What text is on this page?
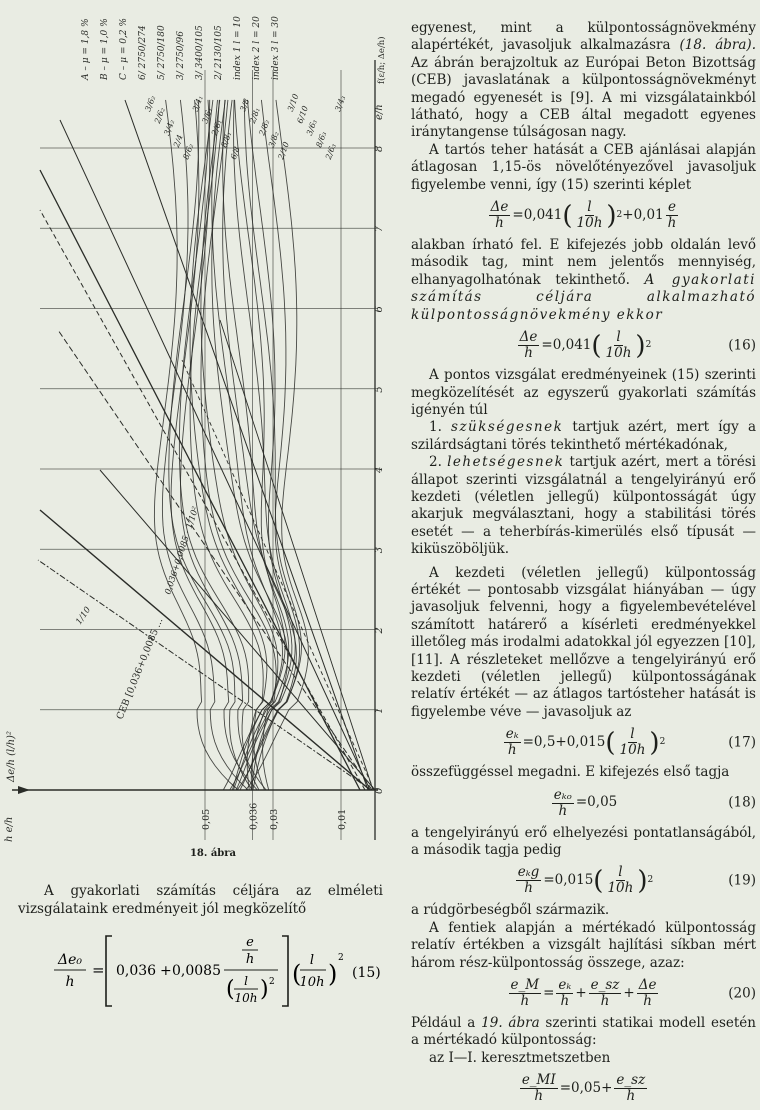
0
1
2
3
4
5
6
7
8
0,05	0,036 0,03	0,01
CEB [0,036+0,0085 ...
A – μ = 1,8 % B – μ = 1,0 % C – μ = 0,2 % 6/ 2750/274 5/ 2750/180 3/ 2750/96 3/ 3400/105 2/ 2130/105 index 1 l = 10 index 2 l = 20 index 3 l = 30	f(ε/h; Δe/h)
e/h
h e/h
Δe/h (l/h)²
3/6₂
2/6₂
3/4₂
2/4
8/6₂
3/4₁
3/6₁
2/6₁
8/8₁
6/8
3/8
2/8₁
2/8₂
3/8₂
2/10
3/10
6/10
3/6₃
8/6₃
2/6₃
3/4₃
1/10
0,036+0,0085 · 1/10²
18. ábra

A gyakorlati számítás céljára az elméleti vizsgálataink eredményeit jól megközelítő

Δe₀
h
= 0,036 + 0,0085
e
h
( l
10h ) 2 ( l
10h )
2
(15)

egyenest, mint a külpontosságnövekmény alapértékét, javasoljuk alkalmazásra (18. ábra). Az ábrán berajzoltuk az Európai Beton Bizottság (CEB) javaslatának a külpontosságnövekményt megadó egyenesét is [9]. A mi vizsgálatainkból látható, hogy a CEB által megadott egyenes iránytangense túlságosan nagy.

A tartós teher hatását a CEB ajánlásai alapján átlagosan 1,15-ös növelőtényezővel javasoljuk figyelembe venni, így (15) szerinti képlet

$\frac{\Delta e}{h} =0,041$ ( $\frac{l}{10h}$ ) $2 +0,01 \frac{e}{h}$

alakban írható fel. E kifejezés jobb oldalán levő második tag, mint nem jelentős mennyiség, elhanyagolhatónak tekinthető. A gyakorlati számítás céljára alkalmazható külpontosságnövekmény ekkor

$\frac{\Delta e}{h} =0,041$ ( $\frac{l}{10h}$ ) 2	(16)

A pontos vizsgálat eredményeinek (15) szerinti megközelítését az egyszerű gyakorlati számítás igényén túl

1. szükségesnek tartjuk azért, mert így a szilárdságtani törés tekinthető mértékadónak,

2. lehetségesnek tartjuk azért, mert a törési állapot szerinti vizsgálatnál a tengelyirányú erő kezdeti (véletlen jellegű) külpontosságát úgy akarjuk megválasztani, hogy a stabilitási törés esetét — a teherbírás-kimerülés első típusát — kiküszöböljük.

A kezdeti (véletlen jellegű) külpontosság értékét — pontosabb vizsgálat hiányában — úgy javasoljuk felvenni, hogy a figyelembevételével számított határerő a kísérleti eredményekkel illetőleg más irodalmi adatokkal jól egyezzen [10], [11]. A részleteket mellőzve a tengelyirányú erő kezdeti (véletlen jellegű) külpontosságának relatív értékét — az átlagos tartósteher hatását is figyelembe véve — javasoljuk az

$\frac{\text{eₖ}}{h} =0,5+0,015$ ( $\frac{l}{10h}$ ) 2	(17)

összefüggéssel megadni. E kifejezés első tagja

$\frac{\text{eₖₒ}}{h} =0,05$	(18)

a tengelyirányú erő elhelyezési pontatlanságából, a második tagja pedig

$\frac{\text{eₖg}}{h} =0,015$ ( $\frac{l}{10h}$ ) 2	(19)

a rúdgörbeségből származik.

A fentiek alapján a mértékadó külpontosság relatív értékben a vizsgált hajlítási síkban mért három rész-külpontosság összege, azaz:

$\frac{e\_M}{h} = \frac{\text{eₖ}}{h} + \frac{e\_sz}{h} + \frac{\Delta e}{h}$	(20)

Például a 19. ábra szerinti statikai modell esetén a mértékadó külpontosság:

az I—I. keresztmetszetben

$\frac{e\_MI}{h} =0,05+ \frac{e\_sz}{h}$
